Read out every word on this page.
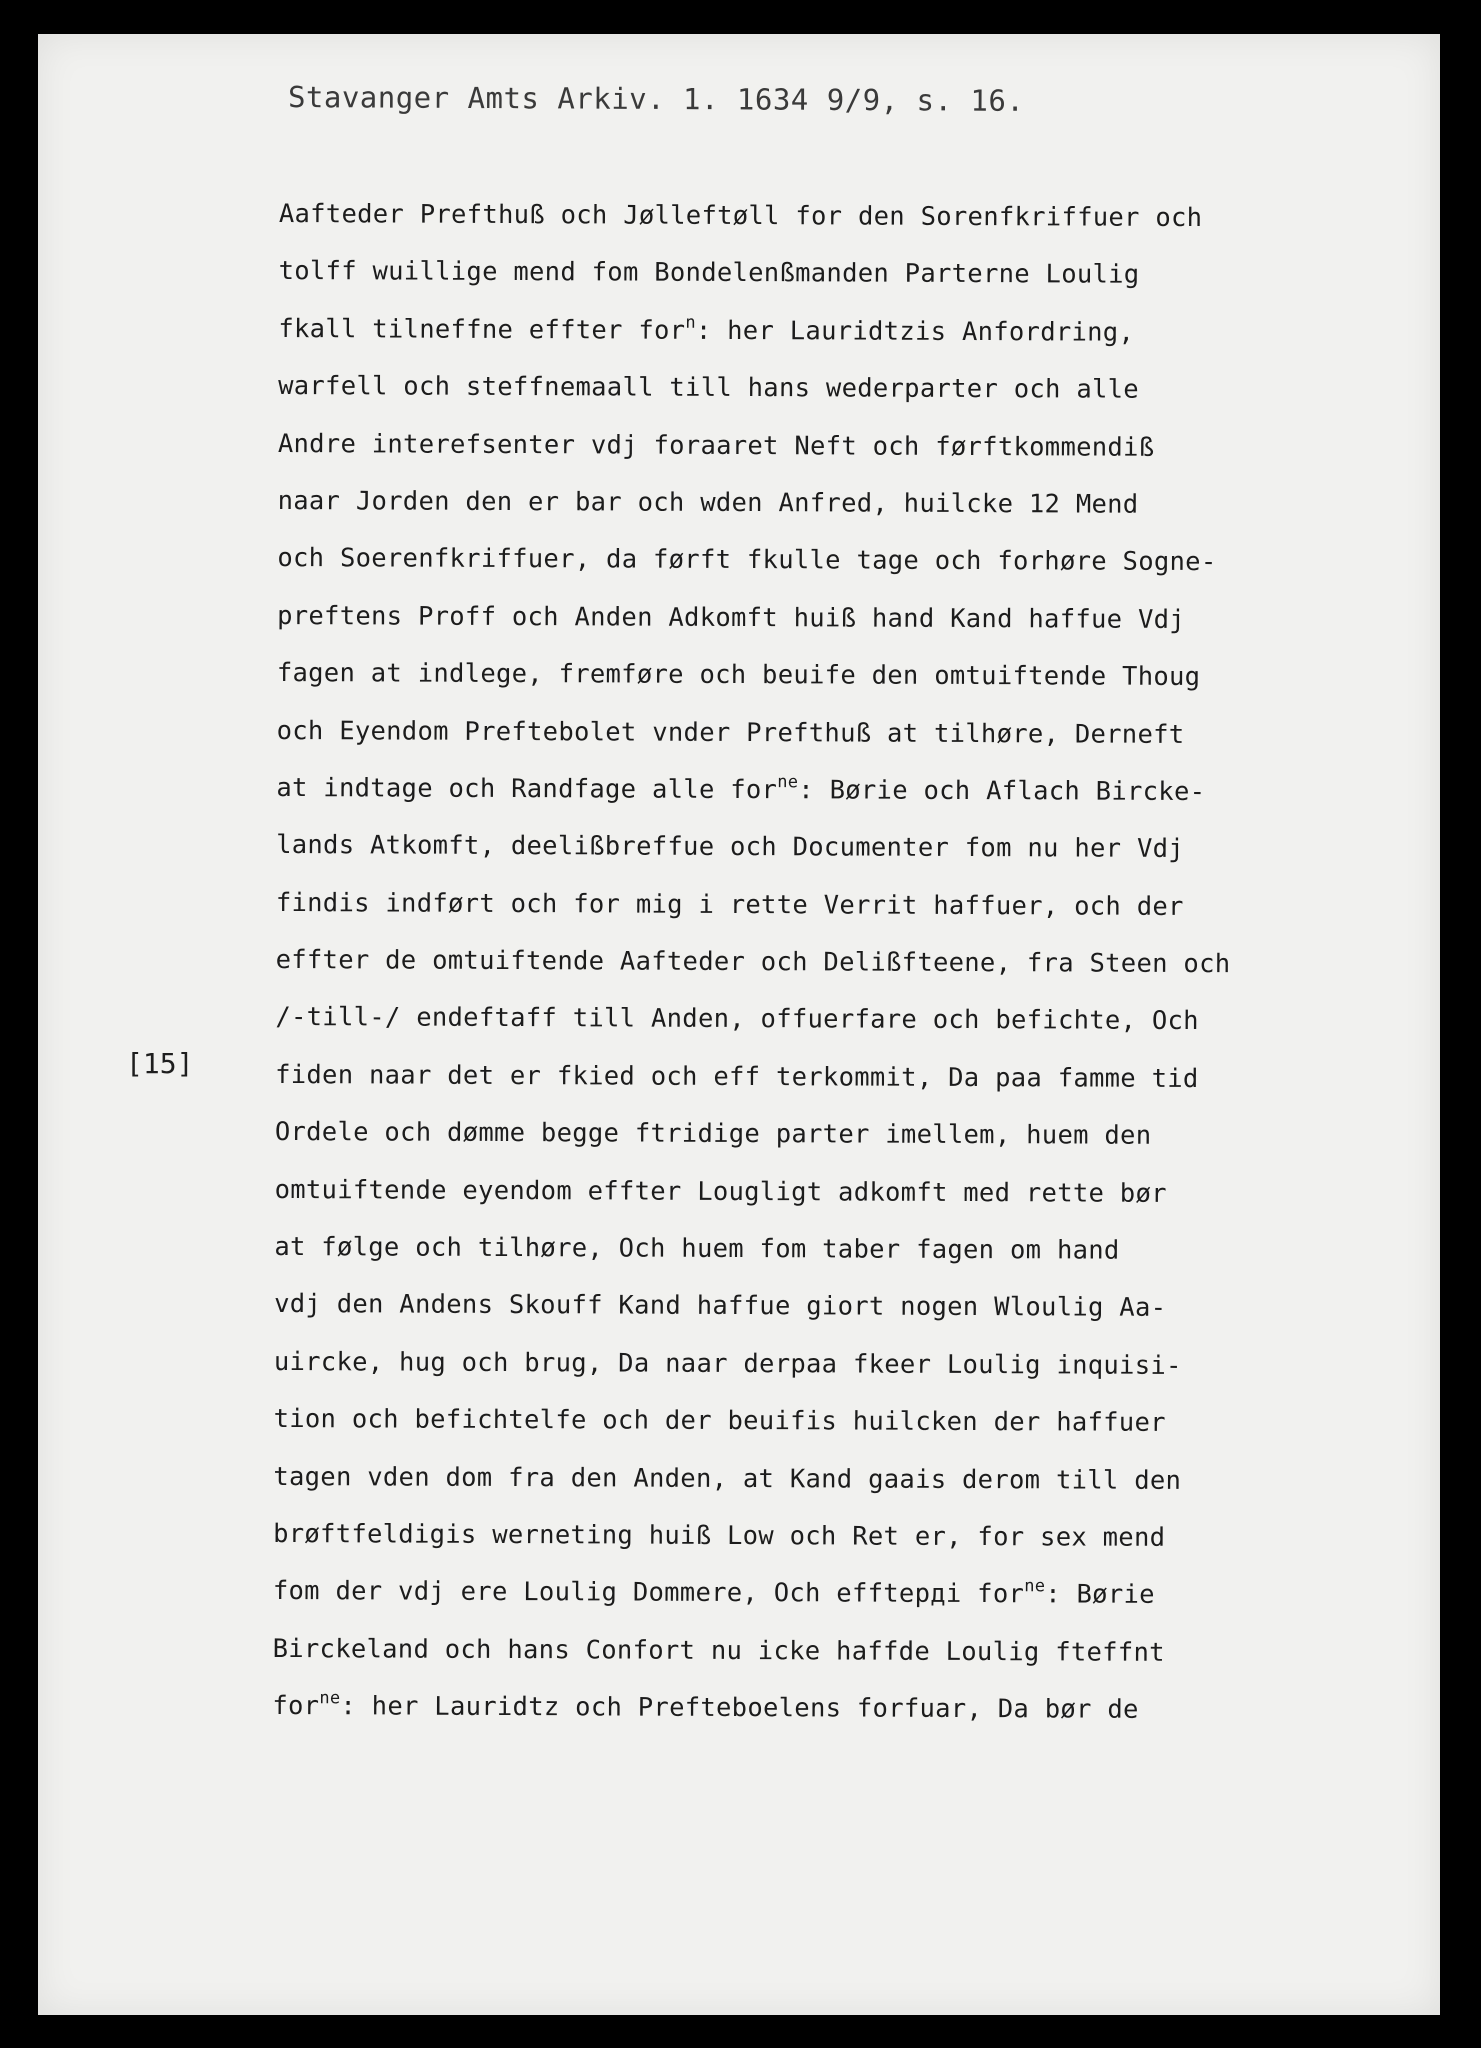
Stavanger Amts Arkiv. 1. 1634 9/9, s. 16.
[15]
Aafteder Prefthuß och Jølleftøll for den Sorenfkriffuer och
tolff wuillige mend fom Bondelenßmanden Parterne Loulig
fkall tilneffne effter for$^n$: her Lauridtzis Anfordring,
warfell och steffnemaall till hans wederparter och alle
Andre interefsenter vdj foraaret Neft och førftkommendiß
naar Jorden den er bar och wden Anfred, huilcke 12 Mend
och Soerenfkriffuer, da førft fkulle tage och forhøre Sogne-
preftens Proff och Anden Adkomft huiß hand Kand haffue Vdj
fagen at indlege, fremføre och beuife den omtuiftende Thoug
och Eyendom Preftebolet vnder Prefthuß at tilhøre, Derneft
at indtage och Randfage alle for$^{ne}$: Børie och Aflach Bircke-
lands Atkomft, deelißbreffue och Documenter fom nu her Vdj
findis indført och for mig i rette Verrit haffuer, och der
effter de omtuiftende Aafteder och Delißfteene, fra Steen och
/-till-/ endeftaff till Anden, offuerfare och befichte, Och
fiden naar det er fkied och eff terkommit, Da paa famme tid
Ordele och dømme begge ftridige parter imellem, huem den
omtuiftende eyendom effter Lougligt adkomft med rette bør
at følge och tilhøre, Och huem fom taber fagen om hand
vdj den Andens Skouff Kand haffue giort nogen Wloulig Aa-
uircke, hug och brug, Da naar derpaa fkeer Loulig inquisi-
tion och befichtelfe och der beuifis huilcken der haffuer
tagen vden dom fra den Anden, at Kand gaais derom till den
brøftfeldigis werneting huiß Low och Ret er, for sex mend
fom der vdj ere Loulig Dommere, Och efftердi for$^{ne}$: Børie
Birckeland och hans Confort nu icke haffde Loulig fteffnt
for$^{ne}$: her Lauridtz och Prefteboelens forfuar, Da bør de
